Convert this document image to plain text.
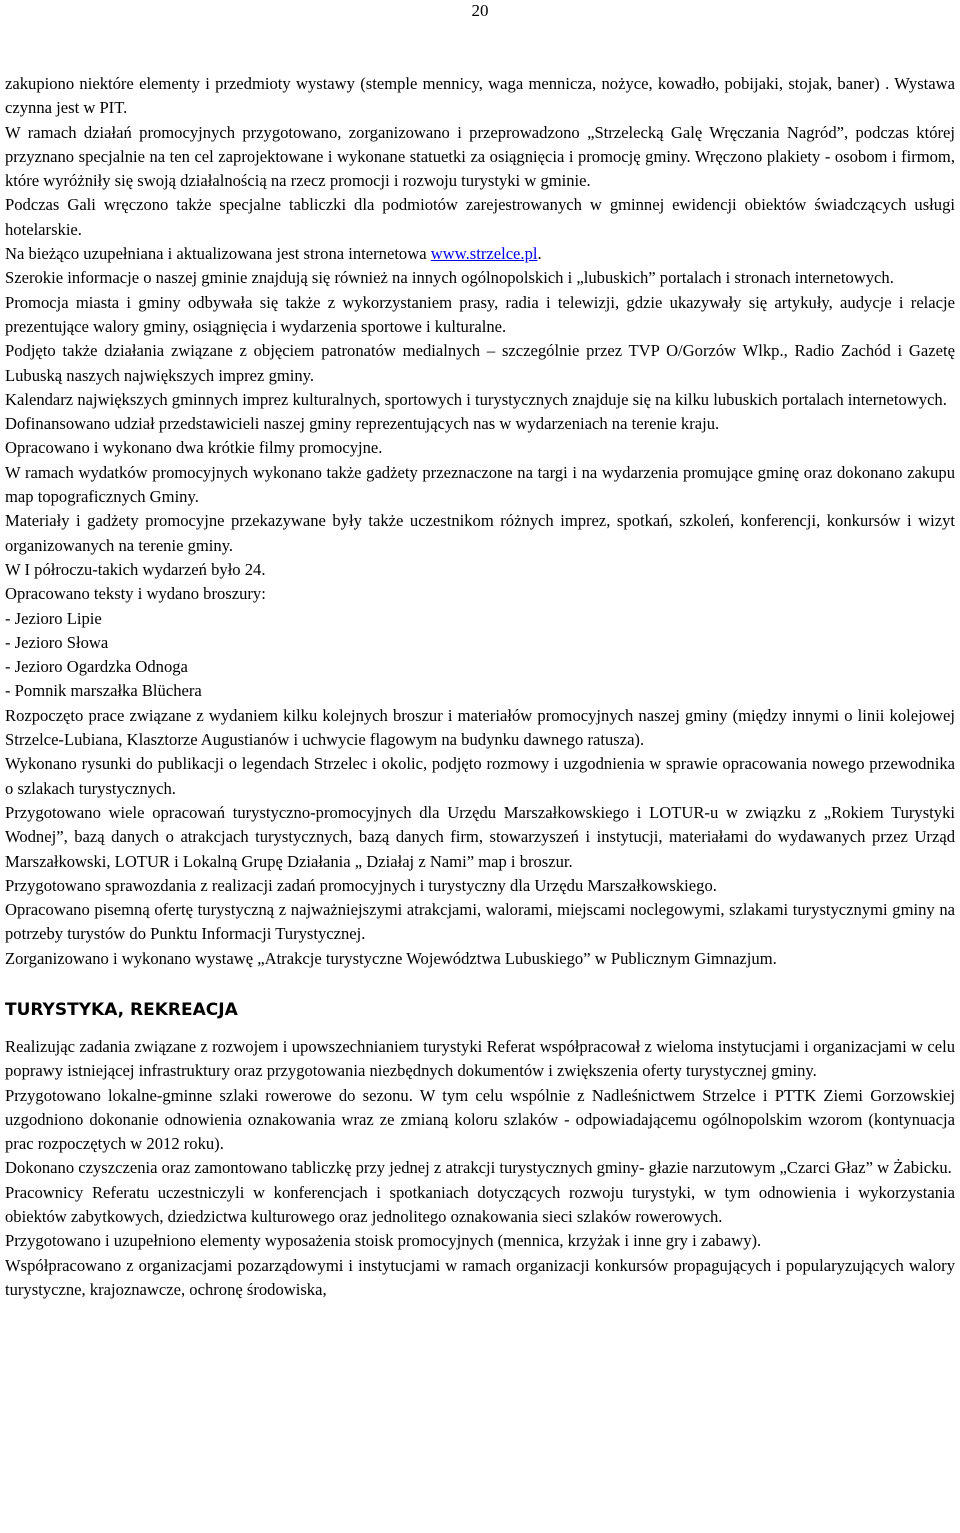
20

zakupiono niektóre elementy i przedmioty wystawy (stemple mennicy, waga mennicza, nożyce, kowadło, pobijaki, stojak, baner) . Wystawa czynna jest w PIT.

W ramach działań promocyjnych przygotowano, zorganizowano i przeprowadzono „Strzelecką Galę Wręczania Nagród”, podczas której przyznano specjalnie na ten cel zaprojektowane i wykonane statuetki za osiągnięcia i promocję gminy. Wręczono plakiety - osobom i firmom, które wyróżniły się swoją działalnością na rzecz promocji i rozwoju turystyki w gminie.

Podczas Gali wręczono także specjalne tabliczki dla podmiotów zarejestrowanych w gminnej ewidencji obiektów świadczących usługi hotelarskie.

Na bieżąco uzupełniana i aktualizowana jest strona internetowa www.strzelce.pl.

Szerokie informacje o naszej gminie znajdują się również na innych ogólnopolskich i „lubuskich” portalach i stronach internetowych.

Promocja miasta i gminy odbywała się także z wykorzystaniem prasy, radia i telewizji, gdzie ukazywały się artykuły, audycje i relacje prezentujące walory gminy, osiągnięcia i wydarzenia sportowe i kulturalne.

Podjęto także działania związane z objęciem patronatów medialnych – szczególnie przez TVP O/Gorzów Wlkp., Radio Zachód i Gazetę Lubuską naszych największych imprez gminy.

Kalendarz największych gminnych imprez kulturalnych, sportowych i turystycznych znajduje się na kilku lubuskich portalach internetowych.

Dofinansowano udział przedstawicieli naszej gminy reprezentujących nas w wydarzeniach na terenie kraju.

Opracowano i wykonano dwa krótkie filmy promocyjne.

W ramach wydatków promocyjnych wykonano także gadżety przeznaczone na targi i na wydarzenia promujące gminę oraz dokonano zakupu map topograficznych Gminy.

Materiały i gadżety promocyjne przekazywane były także uczestnikom różnych imprez, spotkań, szkoleń, konferencji, konkursów i wizyt organizowanych na terenie gminy.

W I półroczu-takich wydarzeń było 24.

Opracowano teksty i wydano broszury:

- Jezioro Lipie

- Jezioro Słowa

- Jezioro Ogardzka Odnoga

- Pomnik marszałka Blüchera

Rozpoczęto prace związane z wydaniem kilku kolejnych broszur i materiałów promocyjnych naszej gminy (między innymi o linii kolejowej Strzelce-Lubiana, Klasztorze Augustianów i uchwycie flagowym na budynku dawnego ratusza).

Wykonano rysunki do publikacji o legendach Strzelec i okolic, podjęto rozmowy i uzgodnienia w sprawie opracowania nowego przewodnika o szlakach turystycznych.

Przygotowano wiele opracowań turystyczno-promocyjnych dla Urzędu Marszałkowskiego i LOTUR-u w związku z „Rokiem Turystyki Wodnej”, bazą danych o atrakcjach turystycznych, bazą danych firm, stowarzyszeń i instytucji, materiałami do wydawanych przez Urząd Marszałkowski, LOTUR i Lokalną Grupę Działania „ Działaj z Nami” map i broszur.

Przygotowano sprawozdania z realizacji zadań promocyjnych i turystyczny dla Urzędu Marszałkowskiego.

Opracowano pisemną ofertę turystyczną z najważniejszymi atrakcjami, walorami, miejscami noclegowymi, szlakami turystycznymi gminy na potrzeby turystów do Punktu Informacji Turystycznej.

Zorganizowano i wykonano wystawę „Atrakcje turystyczne Województwa Lubuskiego” w Publicznym Gimnazjum.

TURYSTYKA, REKREACJA

Realizując zadania związane z rozwojem i upowszechnianiem turystyki Referat współpracował z wieloma instytucjami i organizacjami w celu poprawy istniejącej infrastruktury oraz przygotowania niezbędnych dokumentów i zwiększenia oferty turystycznej gminy.

Przygotowano lokalne-gminne szlaki rowerowe do sezonu. W tym celu wspólnie z Nadleśnictwem Strzelce i PTTK Ziemi Gorzowskiej uzgodniono dokonanie odnowienia oznakowania wraz ze zmianą koloru szlaków - odpowiadającemu ogólnopolskim wzorom (kontynuacja prac rozpoczętych w 2012 roku).

Dokonano czyszczenia oraz zamontowano tabliczkę przy jednej z atrakcji turystycznych gminy- głazie narzutowym „Czarci Głaz” w Żabicku.

Pracownicy Referatu uczestniczyli w konferencjach i spotkaniach dotyczących rozwoju turystyki, w tym odnowienia i wykorzystania obiektów zabytkowych, dziedzictwa kulturowego oraz jednolitego oznakowania sieci szlaków rowerowych.

Przygotowano i uzupełniono elementy wyposażenia stoisk promocyjnych (mennica, krzyżak i inne gry i zabawy).

Współpracowano z organizacjami pozarządowymi i instytucjami w ramach organizacji konkursów propagujących i popularyzujących walory turystyczne, krajoznawcze, ochronę środowiska,
